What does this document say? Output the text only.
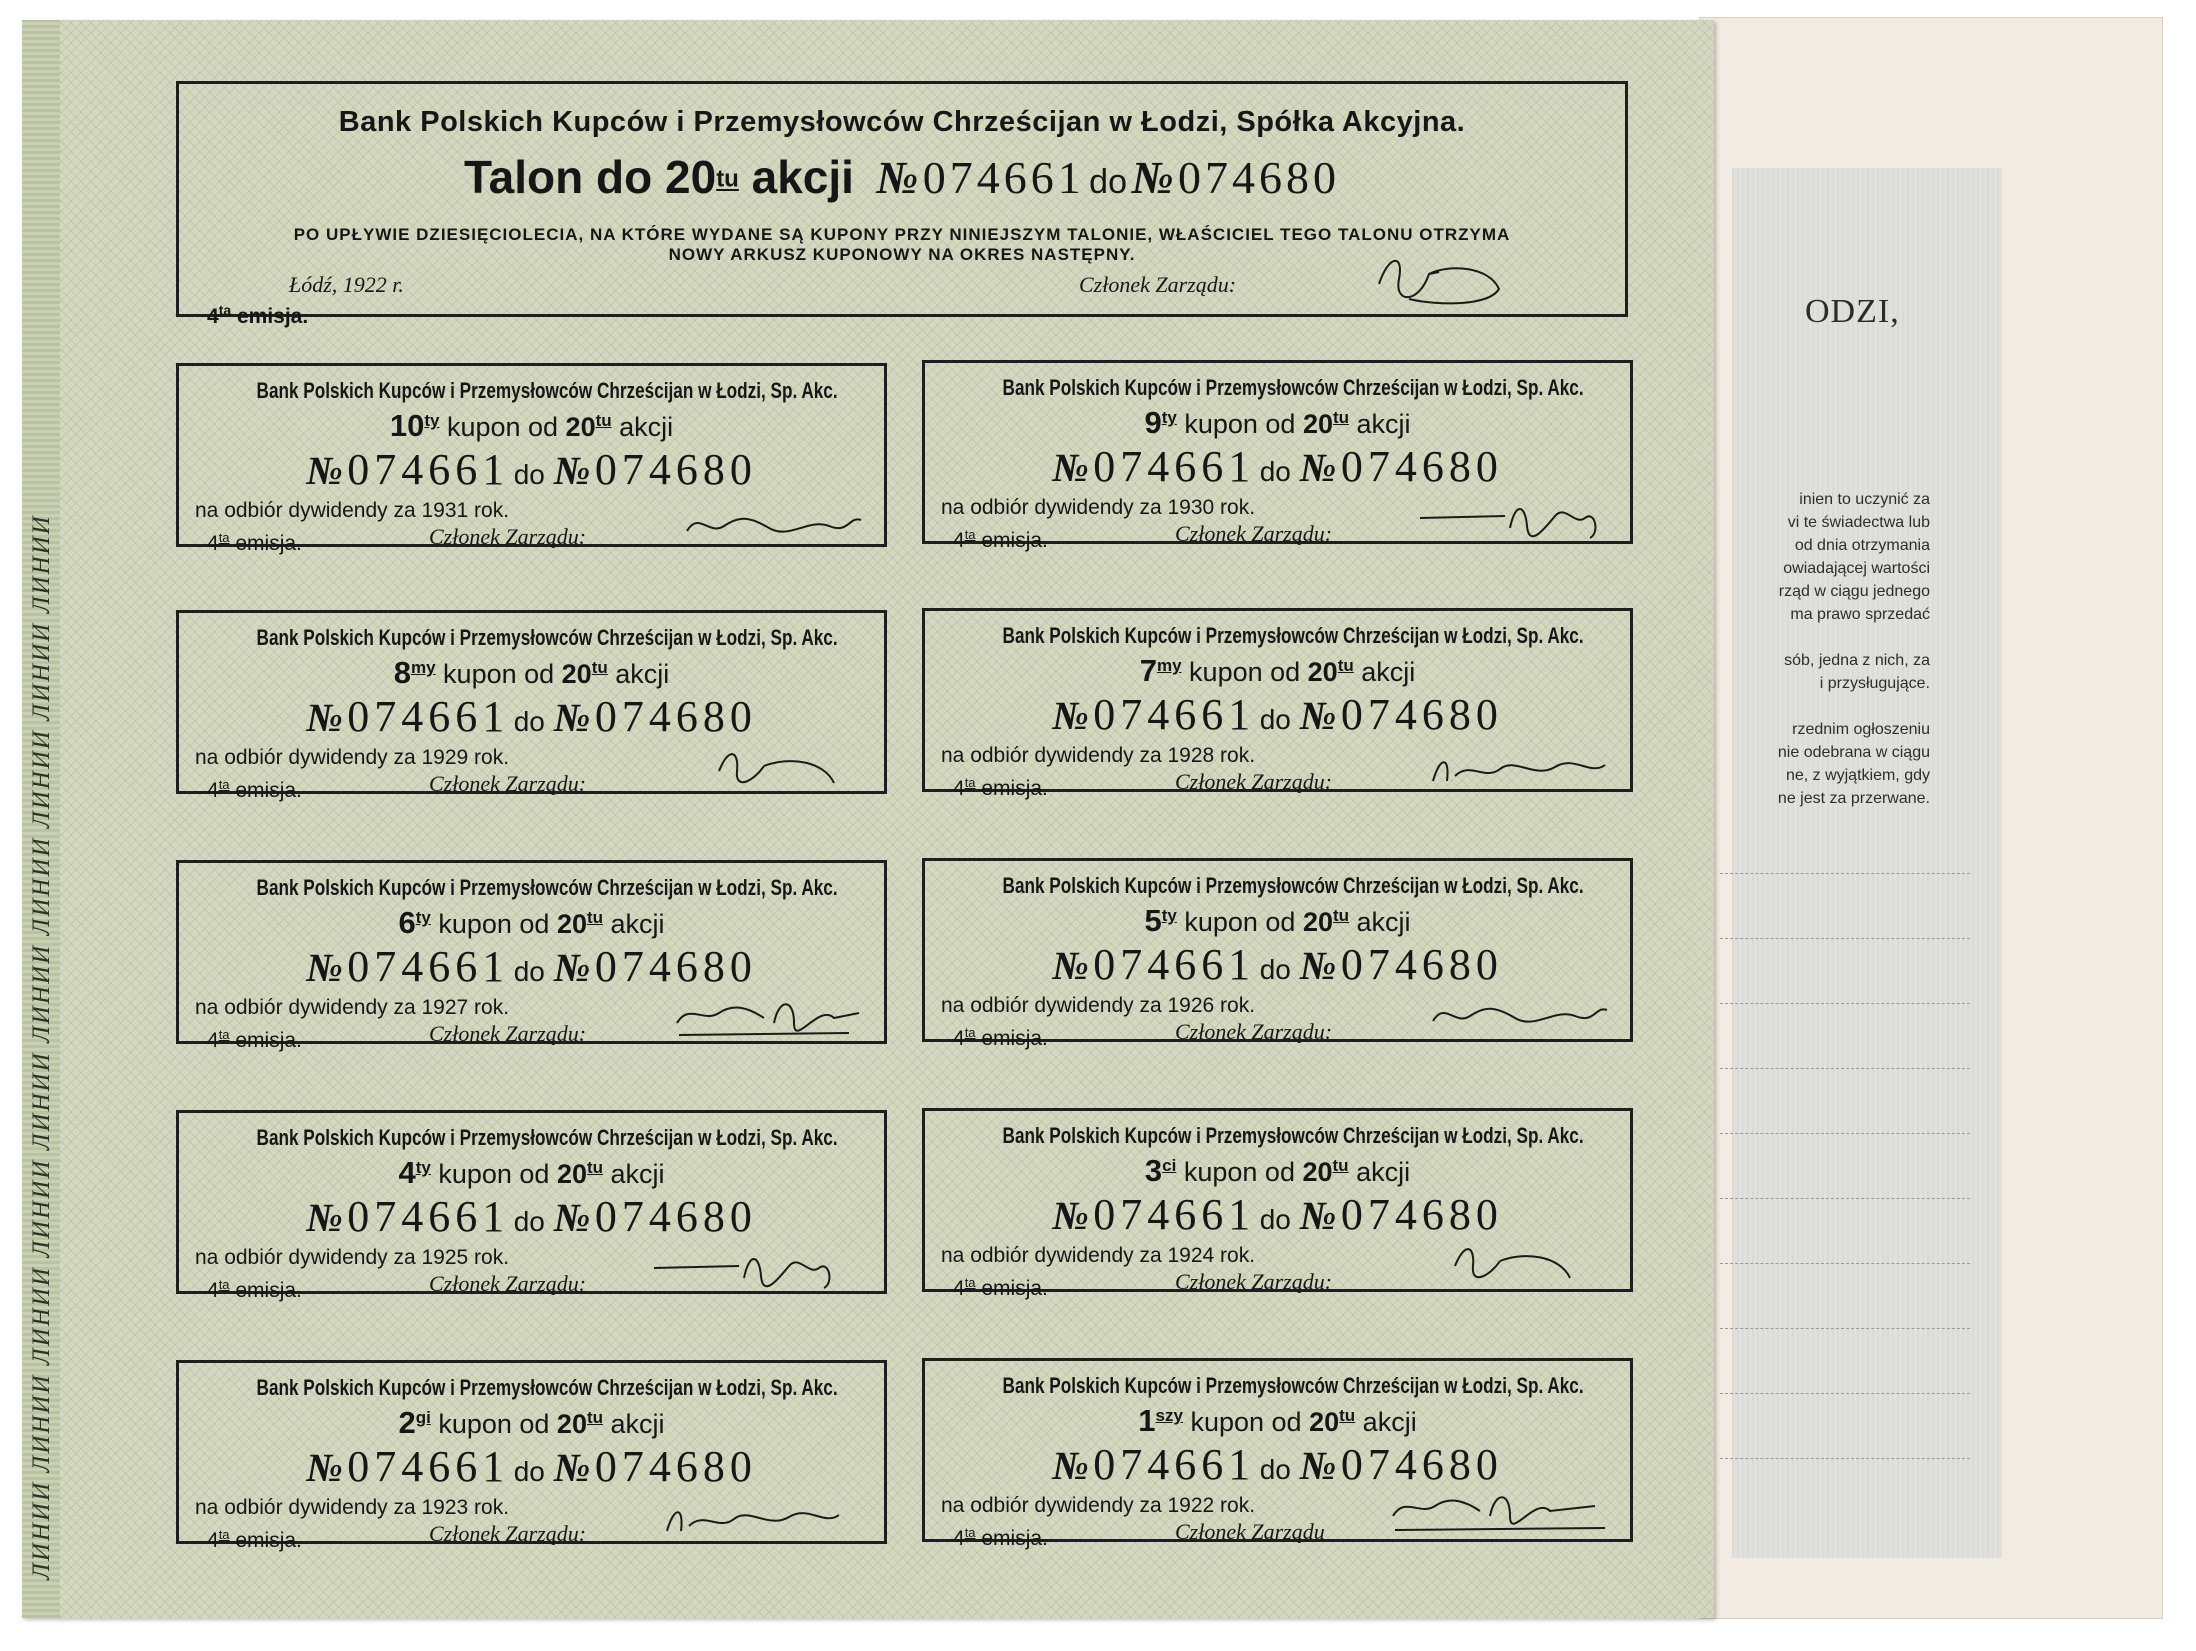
ODZI,
inien to uczynić za
vi te świadectwa lub
od dnia otrzymania
owiadającej wartości
rząd w ciągu jednego
ma prawo sprzedać

sób, jedna z nich, za
i przysługujące.

rzednim ogłoszeniu
nie odebrana w ciągu
ne, z wyjątkiem, gdy
ne jest za przerwane.
ЛИНИИ ЛИНИИ ЛИНИИ ЛИНИИ ЛИНИИ ЛИНИИ ЛИНИИ ЛИНИИ ЛИНИИ ЛИНИИ
Bank Polskich Kupców i Przemysłowców Chrześcijan w Łodzi, Spółka Akcyjna.
Talon do $20^{tu}$ akcji № 074661 do № 074680
PO UPŁYWIE DZIESIĘCIOLECIA, NA KTÓRE WYDANE SĄ KUPONY PRZY NINIEJSZYM TALONIE, WŁAŚCICIEL TEGO TALONU OTRZYMA
NOWY ARKUSZ KUPONOWY NA OKRES NASTĘPNY.
Łódź, 1922 r.
$4^{ta}$ emisja.
Członek Zarządu:
Bank Polskich Kupców i Przemysłowców Chrześcijan w Łodzi, Sp. Akc.
$10^{ty}$ kupon od $20^{tu}$ akcji
№ 074661 do № 074680
na odbiór dywidendy za 1931 rok.
$4^{ta}$ emisja.	Członek Zarządu:
Bank Polskich Kupców i Przemysłowców Chrześcijan w Łodzi, Sp. Akc.
$9^{ty}$ kupon od $20^{tu}$ akcji
№ 074661 do № 074680
na odbiór dywidendy za 1930 rok.
$4^{ta}$ emisja.	Członek Zarządu:
Bank Polskich Kupców i Przemysłowców Chrześcijan w Łodzi, Sp. Akc.
$8^{my}$ kupon od $20^{tu}$ akcji
№ 074661 do № 074680
na odbiór dywidendy za 1929 rok.
$4^{ta}$ emisja.	Członek Zarządu:
Bank Polskich Kupców i Przemysłowców Chrześcijan w Łodzi, Sp. Akc.
$7^{my}$ kupon od $20^{tu}$ akcji
№ 074661 do № 074680
na odbiór dywidendy za 1928 rok.
$4^{ta}$ emisja.	Członek Zarządu:
Bank Polskich Kupców i Przemysłowców Chrześcijan w Łodzi, Sp. Akc.
$6^{ty}$ kupon od $20^{tu}$ akcji
№ 074661 do № 074680
na odbiór dywidendy za 1927 rok.
$4^{ta}$ emisja.	Członek Zarządu:
Bank Polskich Kupców i Przemysłowców Chrześcijan w Łodzi, Sp. Akc.
$5^{ty}$ kupon od $20^{tu}$ akcji
№ 074661 do № 074680
na odbiór dywidendy za 1926 rok.
$4^{ta}$ emisja.	Członek Zarządu:
Bank Polskich Kupców i Przemysłowców Chrześcijan w Łodzi, Sp. Akc.
$4^{ty}$ kupon od $20^{tu}$ akcji
№ 074661 do № 074680
na odbiór dywidendy za 1925 rok.
$4^{ta}$ emisja.	Członek Zarządu:
Bank Polskich Kupców i Przemysłowców Chrześcijan w Łodzi, Sp. Akc.
$3^{ci}$ kupon od $20^{tu}$ akcji
№ 074661 do № 074680
na odbiór dywidendy za 1924 rok.
$4^{ta}$ emisja.	Członek Zarządu:
Bank Polskich Kupców i Przemysłowców Chrześcijan w Łodzi, Sp. Akc.
$2^{gi}$ kupon od $20^{tu}$ akcji
№ 074661 do № 074680
na odbiór dywidendy za 1923 rok.
$4^{ta}$ emisja.	Członek Zarządu:
Bank Polskich Kupców i Przemysłowców Chrześcijan w Łodzi, Sp. Akc.
$1^{szy}$ kupon od $20^{tu}$ akcji
№ 074661 do № 074680
na odbiór dywidendy za 1922 rok.
$4^{ta}$ emisja.	Członek Zarządu
